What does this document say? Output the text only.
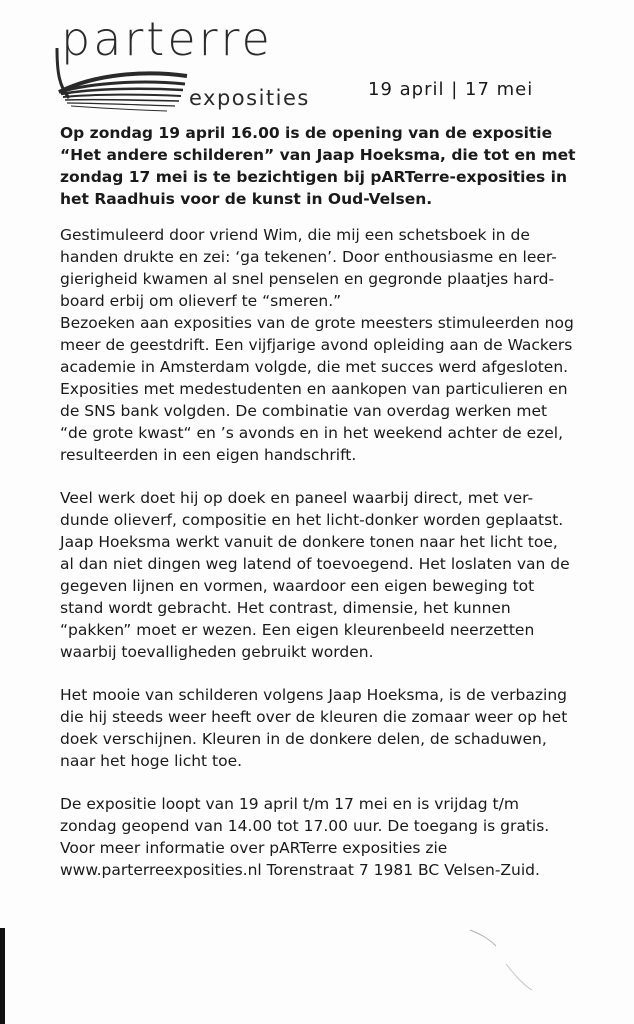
parterre
exposities	19 april | 17 mei

Op zondag 19 april 16.00 is de opening van de expositie
“Het andere schilderen” van Jaap Hoeksma, die tot en met
zondag 17 mei is te bezichtigen bij pARTerre-exposities in
het Raadhuis voor de kunst in Oud-Velsen.

Gestimuleerd door vriend Wim, die mij een schetsboek in de
handen drukte en zei: ‘ga tekenen’. Door enthousiasme en leer-
gierigheid kwamen al snel penselen en gegronde plaatjes hard-
board erbij om olieverf te “smeren.”
Bezoeken aan exposities van de grote meesters stimuleerden nog
meer de geestdrift. Een vijfjarige avond opleiding aan de Wackers
academie in Amsterdam volgde, die met succes werd afgesloten.
Exposities met medestudenten en aankopen van particulieren en
de SNS bank volgden. De combinatie van overdag werken met
“de grote kwast“ en ’s avonds en in het weekend achter de ezel,
resulteerden in een eigen handschrift.

Veel werk doet hij op doek en paneel waarbij direct, met ver-
dunde olieverf, compositie en het licht-donker worden geplaatst.
Jaap Hoeksma werkt vanuit de donkere tonen naar het licht toe,
al dan niet dingen weg latend of toevoegend. Het loslaten van de
gegeven lijnen en vormen, waardoor een eigen beweging tot
stand wordt gebracht. Het contrast, dimensie, het kunnen
“pakken” moet er wezen. Een eigen kleurenbeeld neerzetten
waarbij toevalligheden gebruikt worden.

Het mooie van schilderen volgens Jaap Hoeksma, is de verbazing
die hij steeds weer heeft over de kleuren die zomaar weer op het
doek verschijnen. Kleuren in de donkere delen, de schaduwen,
naar het hoge licht toe.

De expositie loopt van 19 april t/m 17 mei en is vrijdag t/m
zondag geopend van 14.00 tot 17.00 uur. De toegang is gratis.
Voor meer informatie over pARTerre exposities zie
www.parterreexposities.nl Torenstraat 7 1981 BC Velsen-Zuid.
